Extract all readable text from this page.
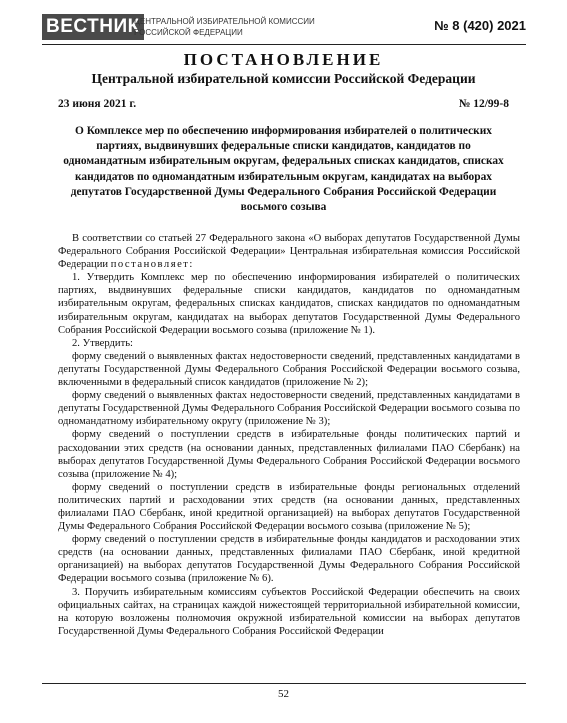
ВЕСТНИК
ЦЕНТРАЛЬНОЙ ИЗБИРАТЕЛЬНОЙ КОМИССИИ РОССИЙСКОЙ ФЕДЕРАЦИИ	№ 8 (420) 2021
ПОСТАНОВЛЕНИЕ
Центральной избирательной комиссии Российской Федерации
23 июня 2021 г.	№ 12/99-8
О Комплексе мер по обеспечению информирования избирателей о политических партиях, выдвинувших федеральные списки кандидатов, кандидатов по одномандатным избирательным округам, федеральных списках кандидатов, списках кандидатов по одномандатным избирательным округам, кандидатах на выборах депутатов Государственной Думы Федерального Собрания Российской Федерации восьмого созыва

В соответствии со статьей 27 Федерального закона «О выборах депутатов Государственной Думы Федерального Собрания Российской Федерации» Центральная избирательная комиссия Российской Федерации постановляет:

1. Утвердить Комплекс мер по обеспечению информирования избирателей о политических партиях, выдвинувших федеральные списки кандидатов, кандидатов по одномандатным избирательным округам, федеральных списках кандидатов, списках кандидатов по одномандатным избирательным округам, кандидатах на выборах депутатов Государственной Думы Федерального Собрания Российской Федерации восьмого созыва (приложение № 1).

2. Утвердить:

форму сведений о выявленных фактах недостоверности сведений, представленных кандидатами в депутаты Государственной Думы Федерального Собрания Российской Федерации восьмого созыва, включенными в федеральный список кандидатов (приложение № 2);

форму сведений о выявленных фактах недостоверности сведений, представленных кандидатами в депутаты Государственной Думы Федерального Собрания Российской Федерации восьмого созыва по одномандатному избирательному округу (приложение № 3);

форму сведений о поступлении средств в избирательные фонды политических партий и расходовании этих средств (на основании данных, представленных филиалами ПАО Сбербанк) на выборах депутатов Государственной Думы Федерального Собрания Российской Федерации восьмого созыва (приложение № 4);

форму сведений о поступлении средств в избирательные фонды региональных отделений политических партий и расходовании этих средств (на основании данных, представленных филиалами ПАО Сбербанк, иной кредитной организацией) на выборах депутатов Государственной Думы Федерального Собрания Российской Федерации восьмого созыва (приложение № 5);

форму сведений о поступлении средств в избирательные фонды кандидатов и расходовании этих средств (на основании данных, представленных филиалами ПАО Сбербанк, иной кредитной организацией) на выборах депутатов Государственной Думы Федерального Собрания Российской Федерации восьмого созыва (приложение № 6).

3. Поручить избирательным комиссиям субъектов Российской Федерации обеспечить на своих официальных сайтах, на страницах каждой нижестоящей территориальной избирательной комиссии, на которую возложены полномочия окружной избирательной комиссии на выборах депутатов Государственной Думы Федерального Собрания Российской Федерации

52
